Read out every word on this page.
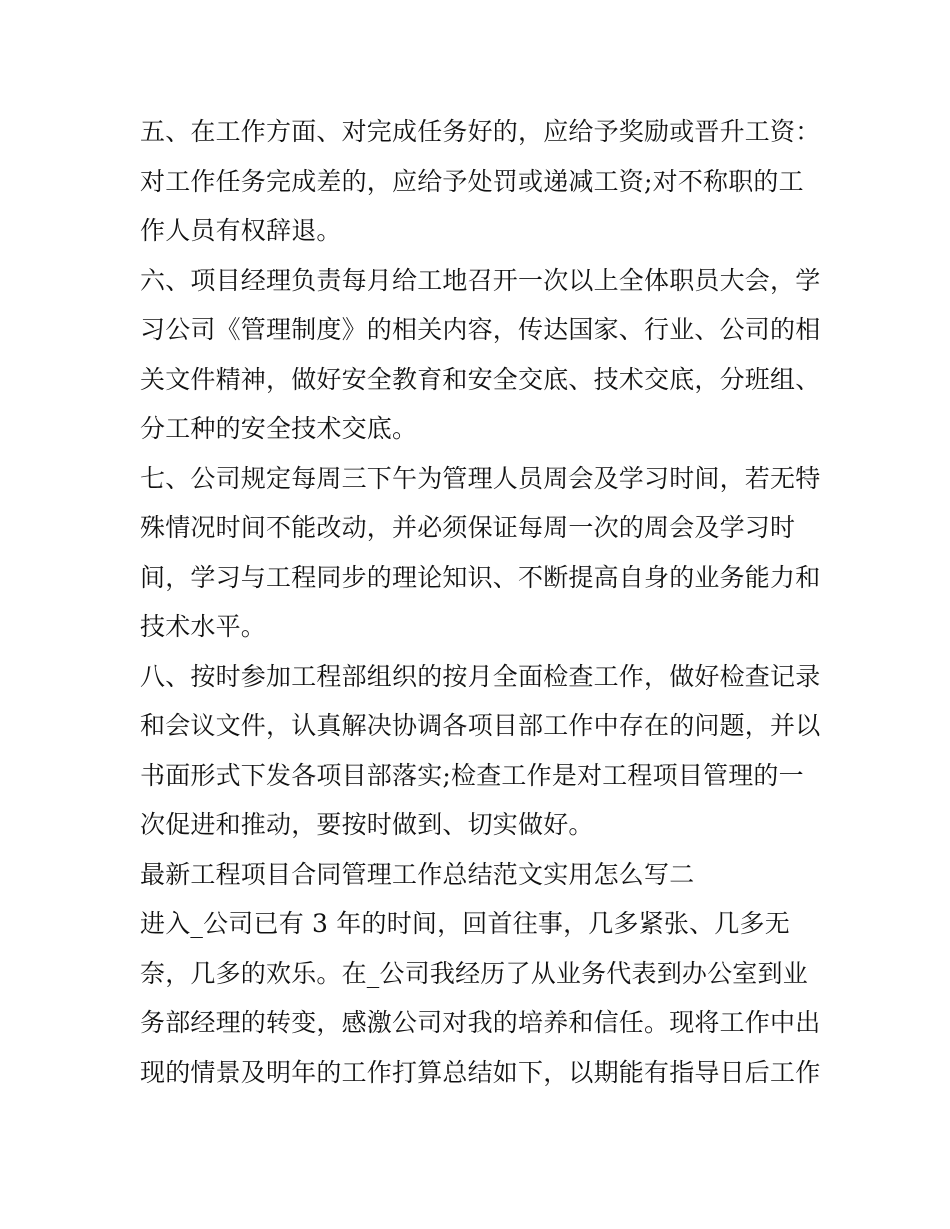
五、在工作方面、对完成任务好的，应给予奖励或晋升工资：
对工作任务完成差的，应给予处罚或递减工资;对不称职的工
作人员有权辞退。
六、项目经理负责每月给工地召开一次以上全体职员大会，学
习公司《管理制度》的相关内容，传达国家、行业、公司的相
关文件精神，做好安全教育和安全交底、技术交底，分班组、
分工种的安全技术交底。
七、公司规定每周三下午为管理人员周会及学习时间，若无特
殊情况时间不能改动，并必须保证每周一次的周会及学习时
间，学习与工程同步的理论知识、不断提高自身的业务能力和
技术水平。
八、按时参加工程部组织的按月全面检查工作，做好检查记录
和会议文件，认真解决协调各项目部工作中存在的问题，并以
书面形式下发各项目部落实;检查工作是对工程项目管理的一
次促进和推动，要按时做到、切实做好。
最新工程项目合同管理工作总结范文实用怎么写二
进入_公司已有 3 年的时间，回首往事，几多紧张、几多无
奈，几多的欢乐。在_公司我经历了从业务代表到办公室到业
务部经理的转变，感激公司对我的培养和信任。现将工作中出
现的情景及明年的工作打算总结如下，以期能有指导日后工作
